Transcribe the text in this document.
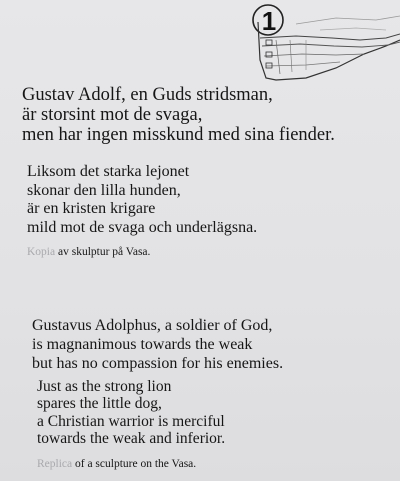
1

Gustav Adolf, en Guds stridsman,
är storsint mot de svaga,
men har ingen misskund med sina fiender.

Liksom det starka lejonet
skonar den lilla hunden,
är en kristen krigare
mild mot de svaga och underlägsna.

Kopia av skulptur på Vasa.

Gustavus Adolphus, a soldier of God,
is magnanimous towards the weak
but has no compassion for his enemies.

Just as the strong lion
spares the little dog,
a Christian warrior is merciful
towards the weak and inferior.

Replica of a sculpture on the Vasa.
